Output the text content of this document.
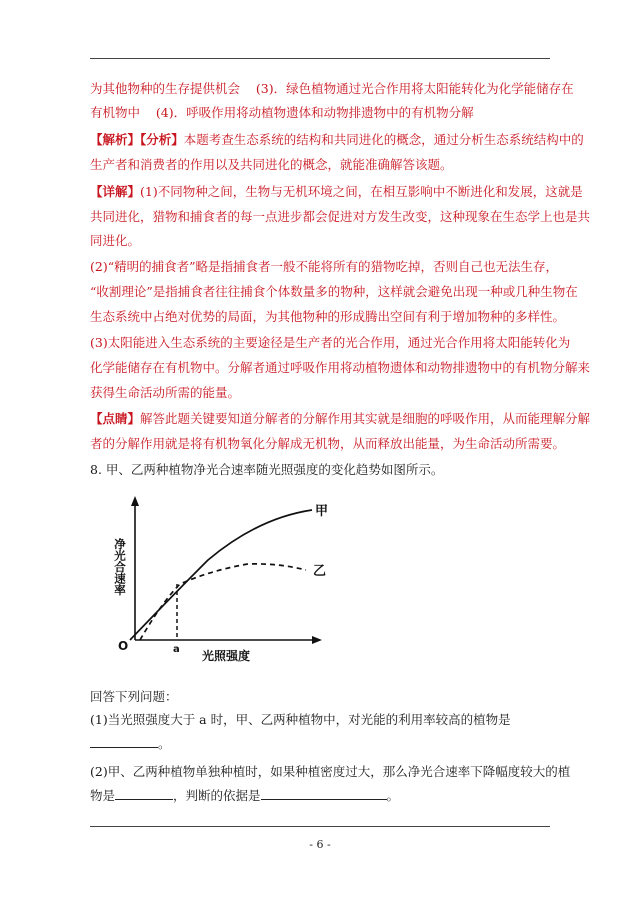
为其他物种的生存提供机会 (3)．绿色植物通过光合作用将太阳能转化为化学能储存在
有机物中 (4)．呼吸作用将动植物遗体和动物排遗物中的有机物分解
【解析】【分析】本题考查生态系统的结构和共同进化的概念，通过分析生态系统结构中的
生产者和消费者的作用以及共同进化的概念，就能准确解答该题。
【详解】(1)不同物种之间，生物与无机环境之间，在相互影响中不断进化和发展，这就是
共同进化，猎物和捕食者的每一点进步都会促进对方发生改变，这种现象在生态学上也是共
同进化。
(2)“精明的捕食者”略是指捕食者一般不能将所有的猎物吃掉，否则自己也无法生存，
“收割理论”是指捕食者往往捕食个体数量多的物种，这样就会避免出现一种或几种生物在
生态系统中占绝对优势的局面，为其他物种的形成腾出空间有利于增加物种的多样性。
(3)太阳能进入生态系统的主要途径是生产者的光合作用，通过光合作用将太阳能转化为
化学能储存在有机物中。分解者通过呼吸作用将动植物遗体和动物排遗物中的有机物分解来
获得生命活动所需的能量。
【点睛】解答此题关键要知道分解者的分解作用其实就是细胞的呼吸作用，从而能理解分解
者的分解作用就是将有机物氧化分解成无机物，从而释放出能量，为生命活动所需要。
8. 甲、乙两种植物净光合速率随光照强度的变化趋势如图所示。
甲
乙
净光合速率
光照强度
O	a
回答下列问题：
(1)当光照强度大于 a 时，甲、乙两种植物中，对光能的利用率较高的植物是
。
(2)甲、乙两种植物单独种植时，如果种植密度过大，那么净光合速率下降幅度较大的植
物是	，判断的依据是	。
- 6 -
